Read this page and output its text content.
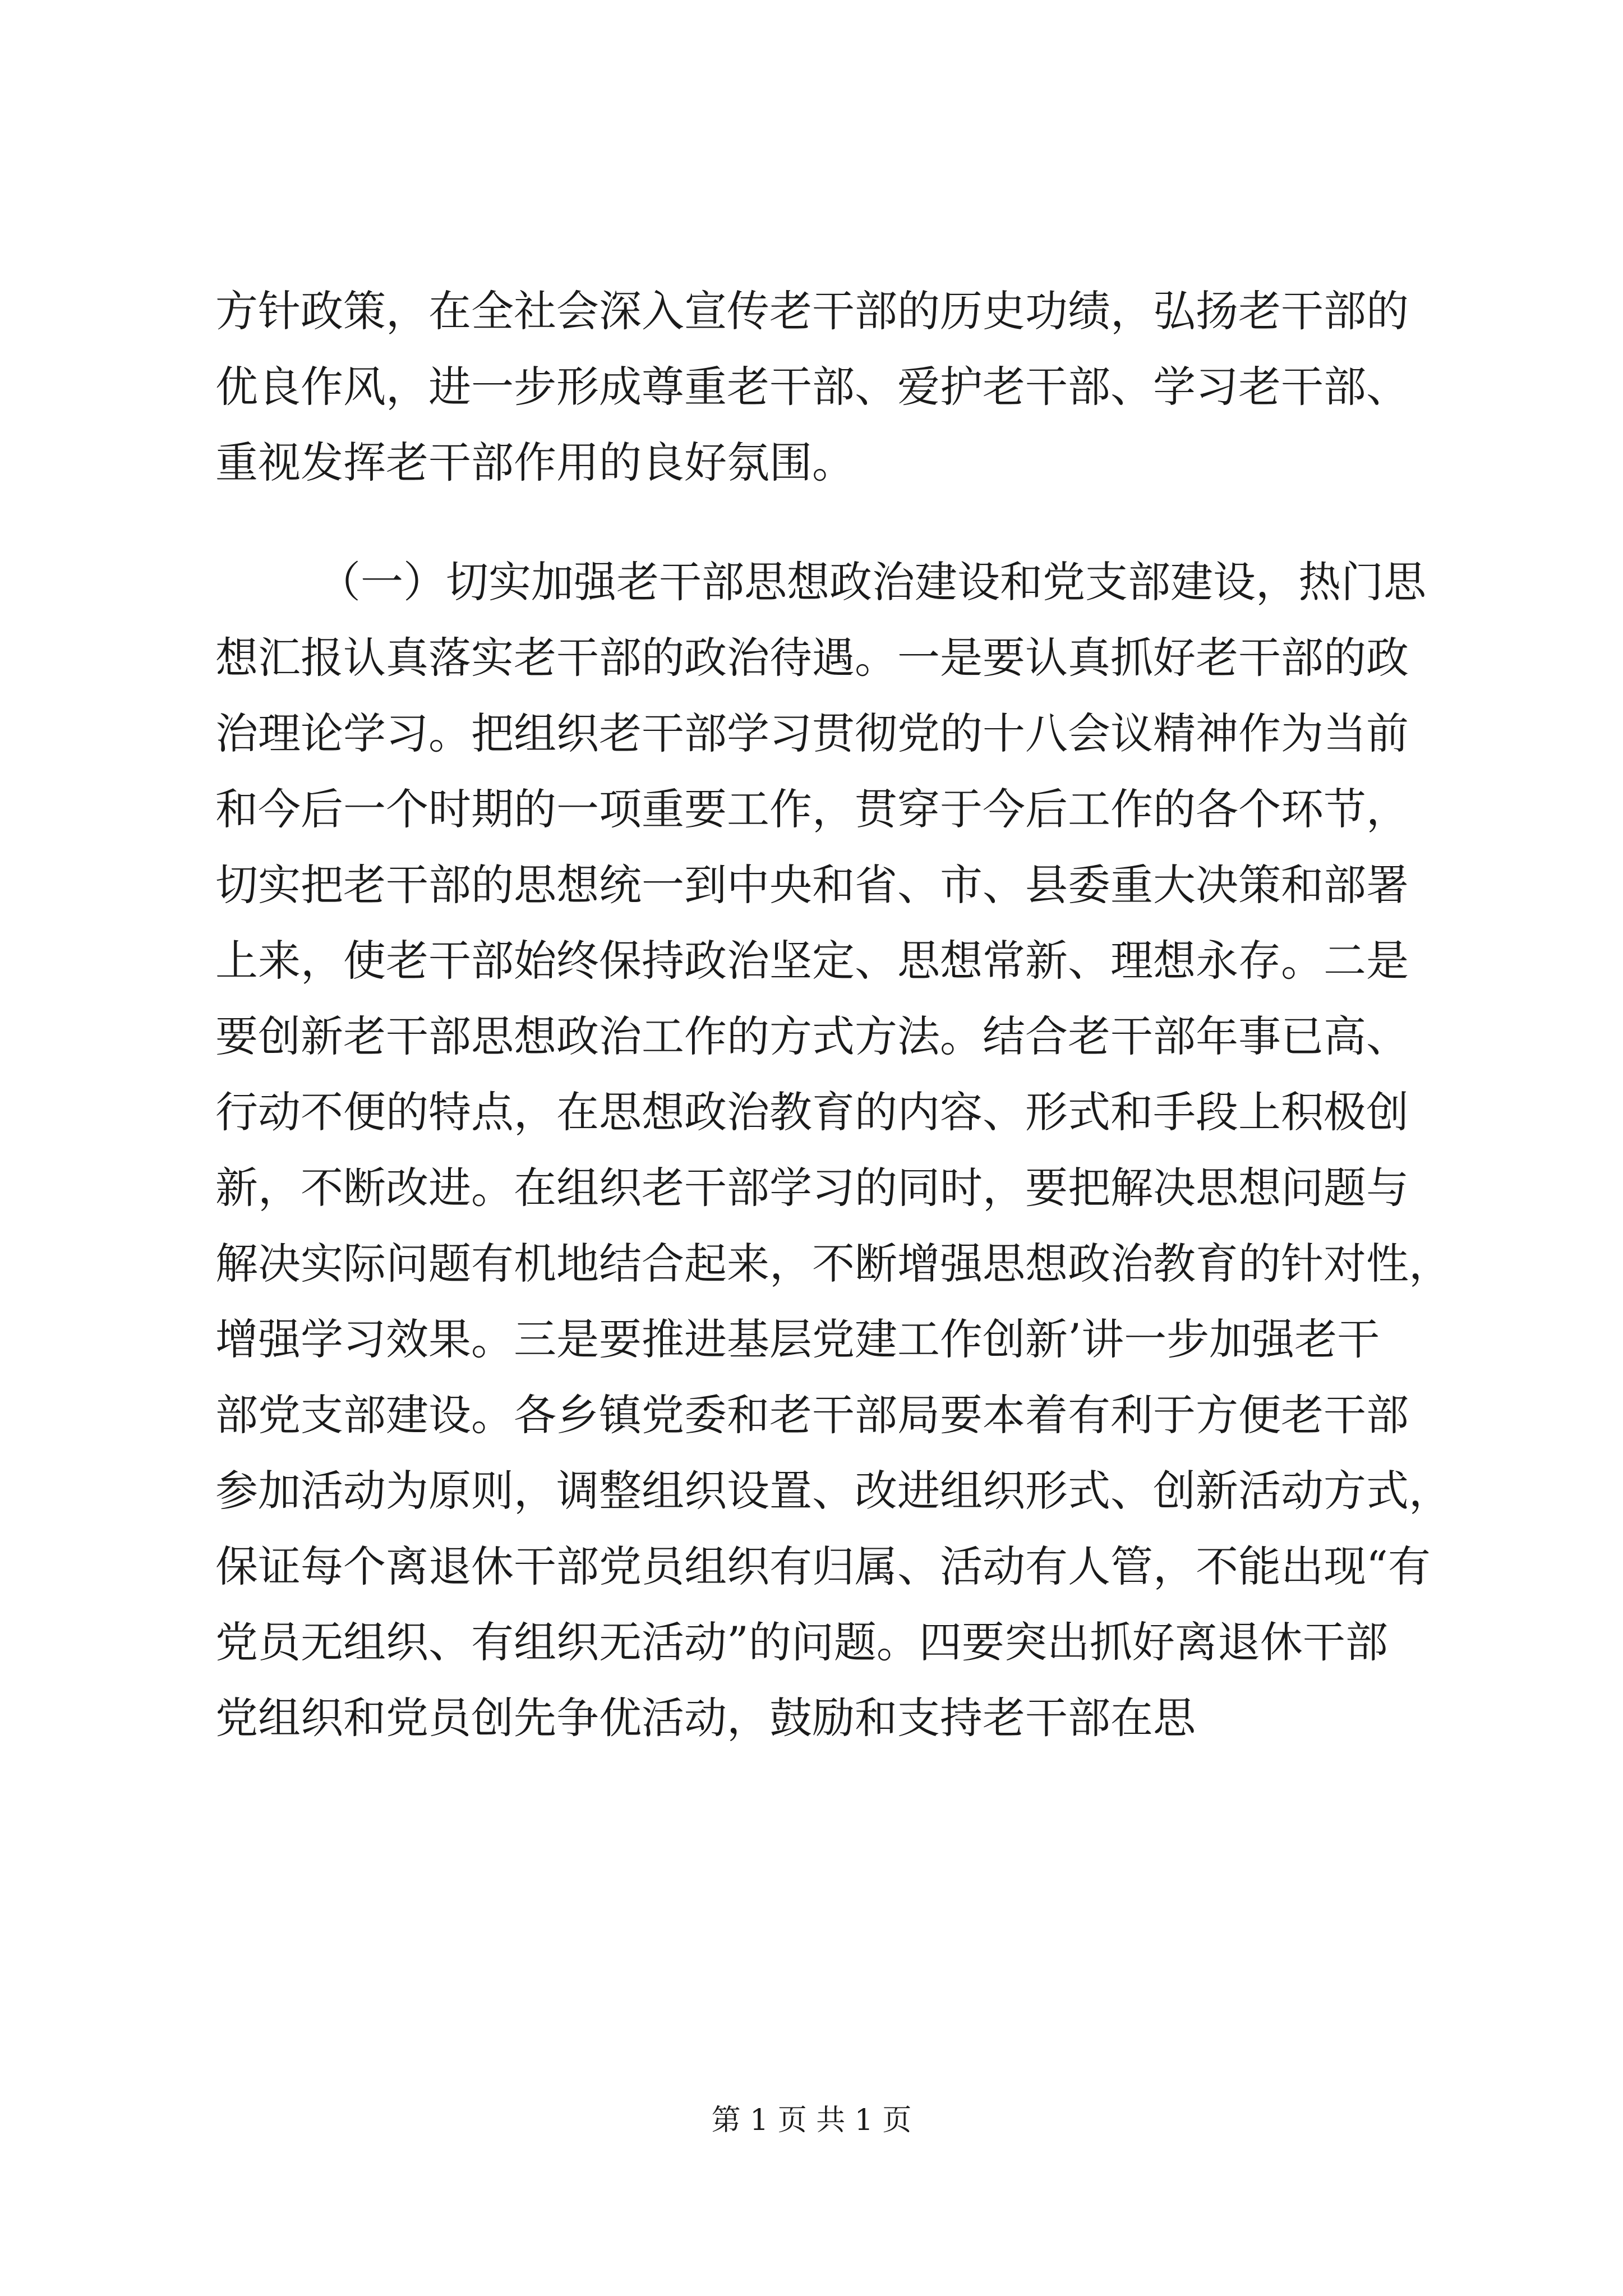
方针政策，在全社会深入宣传老干部的历史功绩，弘扬老干部的
优良作风，进一步形成尊重老干部、爱护老干部、学习老干部、
重视发挥老干部作用的良好氛围。
（一）切实加强老干部思想政治建设和党支部建设，热门思
想汇报认真落实老干部的政治待遇。一是要认真抓好老干部的政
治理论学习。把组织老干部学习贯彻党的十八会议精神作为当前
和今后一个时期的一项重要工作，贯穿于今后工作的各个环节，
切实把老干部的思想统一到中央和省、市、县委重大决策和部署
上来，使老干部始终保持政治坚定、思想常新、理想永存。二是
要创新老干部思想政治工作的方式方法。结合老干部年事已高、
行动不便的特点，在思想政治教育的内容、形式和手段上积极创
新，不断改进。在组织老干部学习的同时，要把解决思想问题与
解决实际问题有机地结合起来，不断增强思想政治教育的针对性，
增强学习效果。三是要推进基层党建工作创新’讲一步加强老干
部党支部建设。各乡镇党委和老干部局要本着有利于方便老干部
参加活动为原则，调整组织设置、改进组织形式、创新活动方式，
保证每个离退休干部党员组织有归属、活动有人管，不能出现“有
党员无组织、有组织无活动”的问题。四要突出抓好离退休干部
党组织和党员创先争优活动，鼓励和支持老干部在思
第 1 页 共 1 页
